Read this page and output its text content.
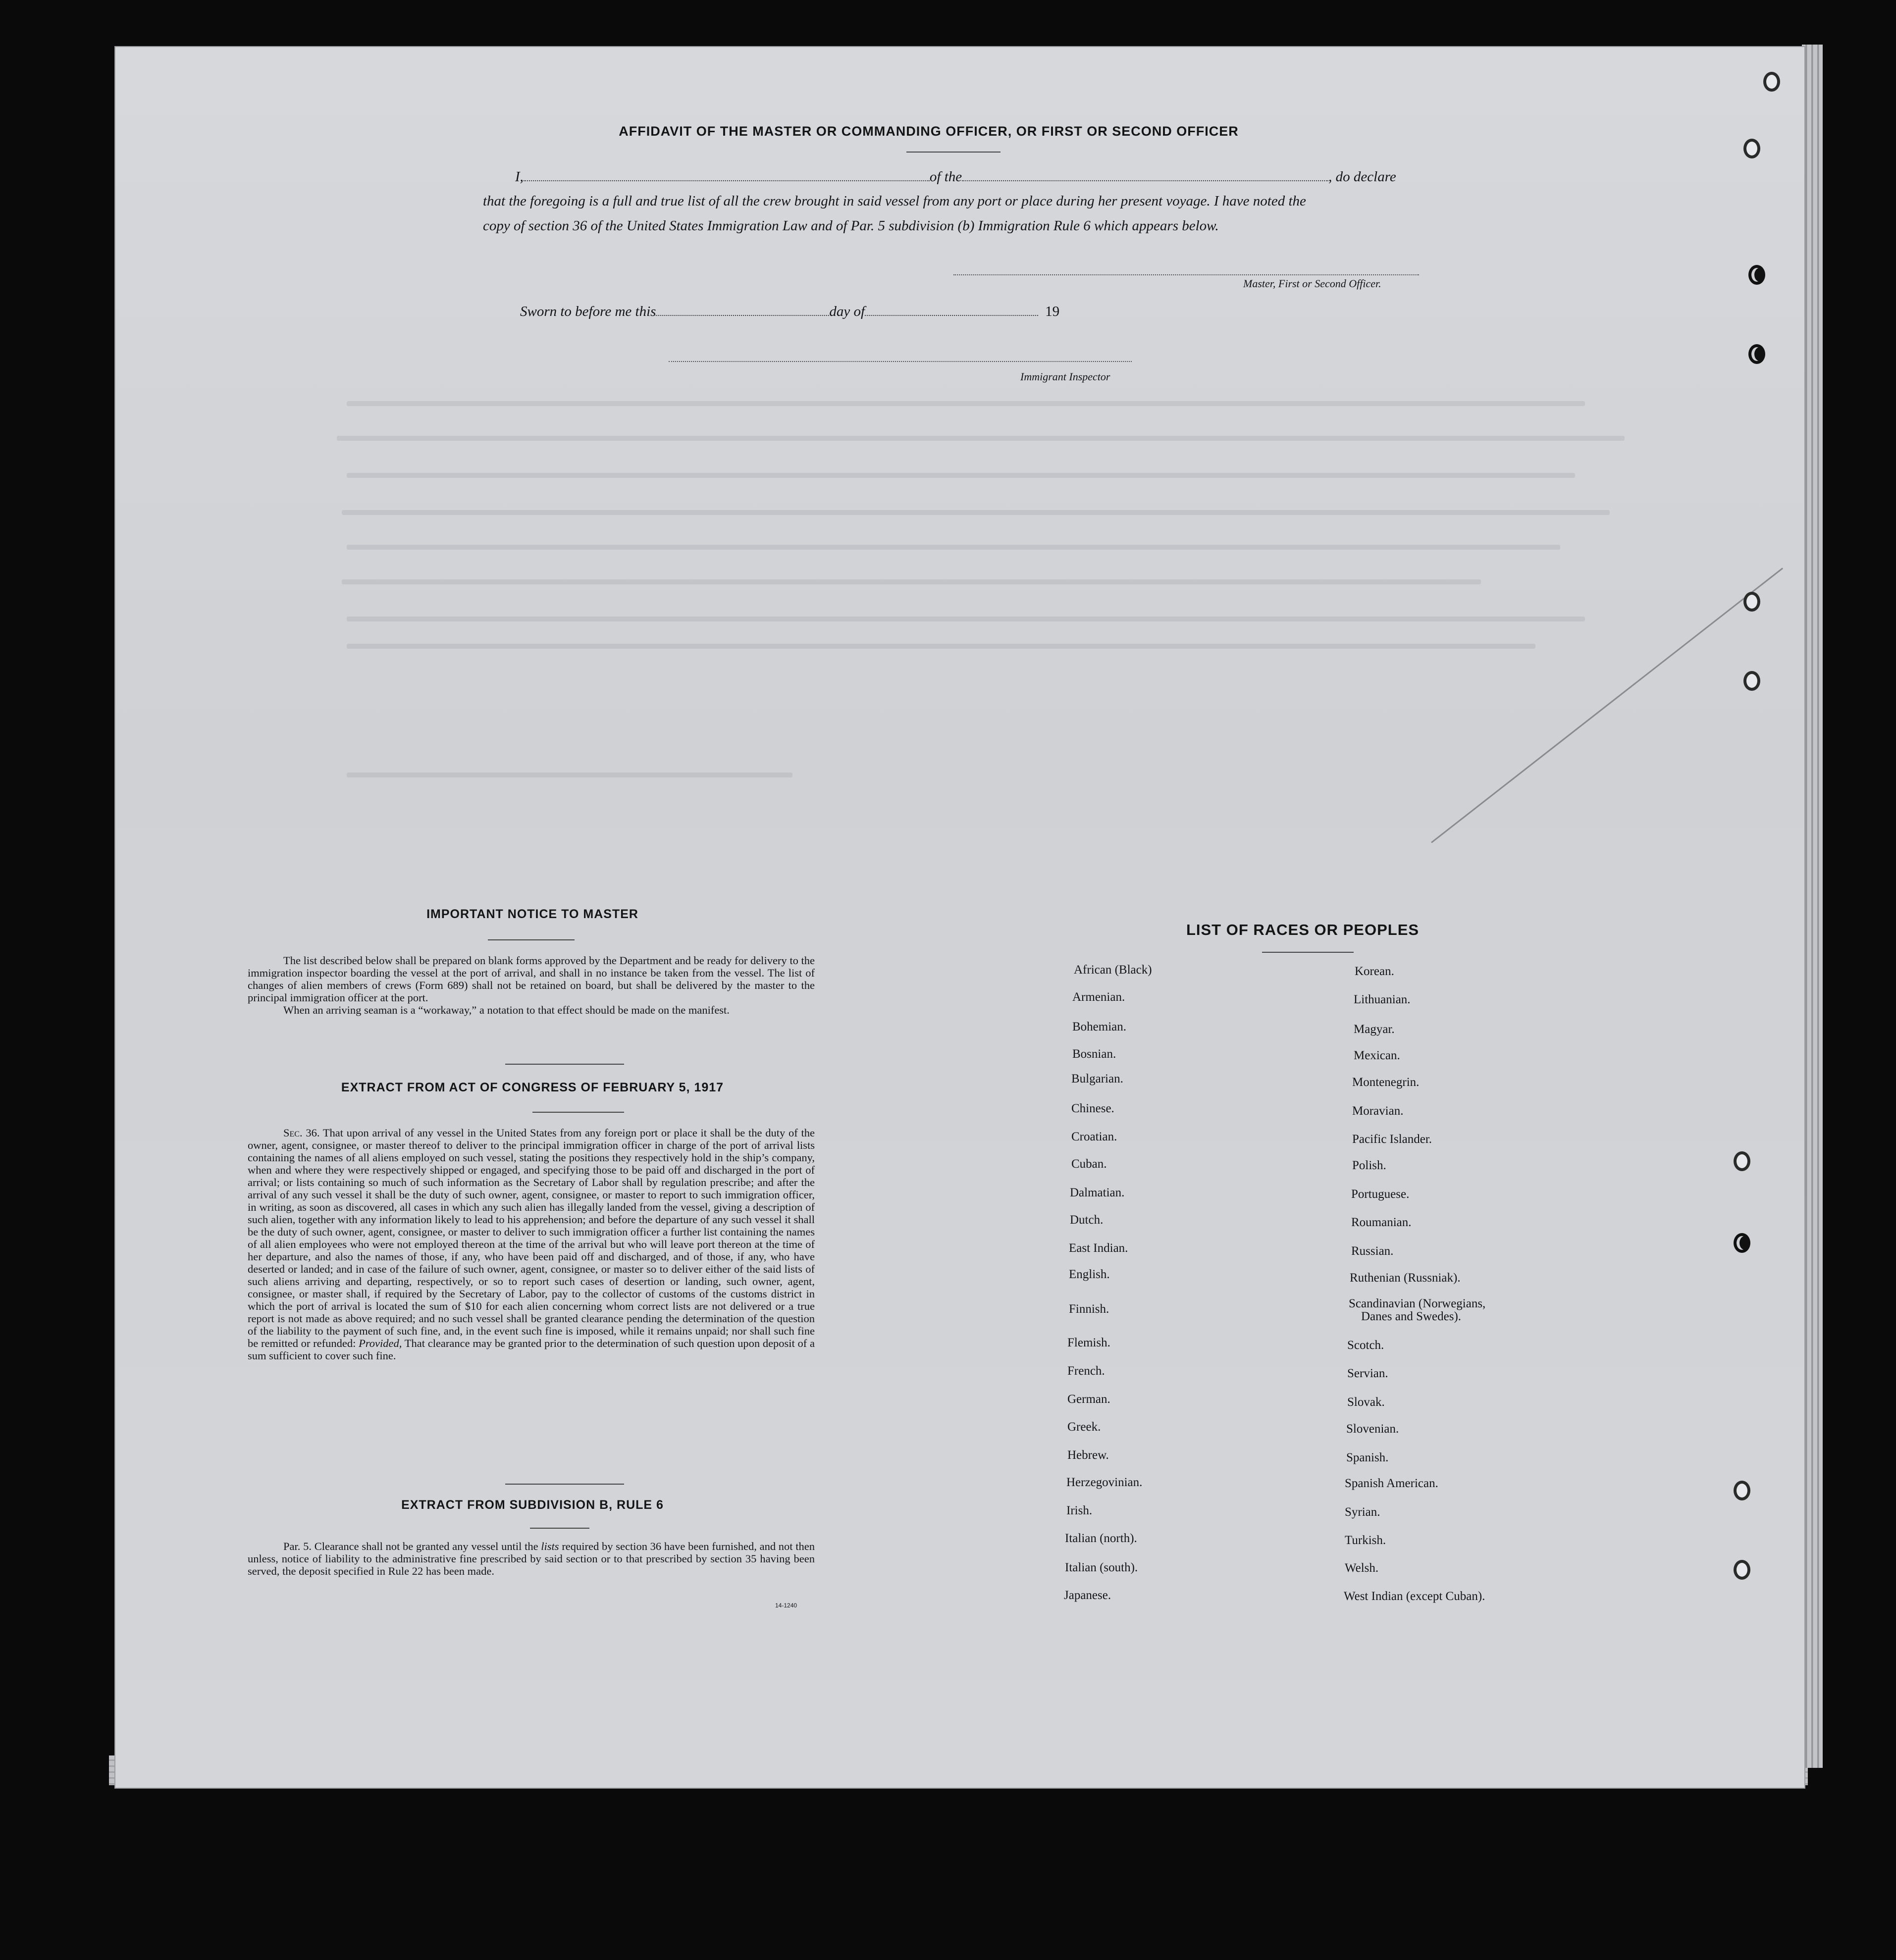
AFFIDAVIT OF THE MASTER OR COMMANDING OFFICER, OR FIRST OR SECOND OFFICER
I,	of the	, do declare
that the foregoing is a full and true list of all the crew brought in said vessel from any port or place during her present voyage. I have noted the
copy of section 36 of the United States Immigration Law and of Par. 5 subdivision (b) Immigration Rule 6 which appears below.
Master, First or Second Officer.
Sworn to before me this	day of	19
Immigrant Inspector
IMPORTANT NOTICE TO MASTER

The list described below shall be prepared on blank forms approved by the Department and be ready for delivery to the immigration inspector boarding the vessel at the port of arrival, and shall in no instance be taken from the vessel. The list of changes of alien members of crews (Form 689) shall not be retained on board, but shall be delivered by the master to the principal immigration officer at the port.

When an arriving seaman is a “workaway,” a notation to that effect should be made on the manifest.

EXTRACT FROM ACT OF CONGRESS OF FEBRUARY 5, 1917

Sec. 36. That upon arrival of any vessel in the United States from any foreign port or place it shall be the duty of the owner, agent, consignee, or master thereof to deliver to the principal immigration officer in charge of the port of arrival lists containing the names of all aliens employed on such vessel, stating the positions they respectively hold in the ship’s company, when and where they were respectively shipped or engaged, and specifying those to be paid off and discharged in the port of arrival; or lists containing so much of such information as the Secretary of Labor shall by regulation prescribe; and after the arrival of any such vessel it shall be the duty of such owner, agent, consignee, or master to report to such immigration officer, in writing, as soon as discovered, all cases in which any such alien has illegally landed from the vessel, giving a description of such alien, together with any information likely to lead to his apprehension; and before the departure of any such vessel it shall be the duty of such owner, agent, consignee, or master to deliver to such immigration officer a further list containing the names of all alien employees who were not employed thereon at the time of the arrival but who will leave port thereon at the time of her departure, and also the names of those, if any, who have been paid off and discharged, and of those, if any, who have deserted or landed; and in case of the failure of such owner, agent, consignee, or master so to deliver either of the said lists of such aliens arriving and departing, respectively, or so to report such cases of desertion or landing, such owner, agent, consignee, or master shall, if required by the Secretary of Labor, pay to the collector of customs of the customs district in which the port of arrival is located the sum of $10 for each alien concerning whom correct lists are not delivered or a true report is not made as above required; and no such vessel shall be granted clearance pending the determination of the question of the liability to the payment of such fine, and, in the event such fine is imposed, while it remains unpaid; nor shall such fine be remitted or refunded: Provided, That clearance may be granted prior to the determination of such question upon deposit of a sum sufficient to cover such fine.

EXTRACT FROM SUBDIVISION B, RULE 6

Par. 5. Clearance shall not be granted any vessel until the lists required by section 36 have been furnished, and not then unless, notice of liability to the administrative fine prescribed by said section or to that prescribed by section 35 having been served, the deposit specified in Rule 22 has been made.

14-1240
LIST OF RACES OR PEOPLES
African (Black)
Armenian.
Bohemian.
Bosnian.
Bulgarian.
Chinese.
Croatian.
Cuban.
Dalmatian.
Dutch.
East Indian.
English.
Finnish.
Flemish.
French.
German.
Greek.
Hebrew.
Herzegovinian.
Irish.
Italian (north).
Italian (south).
Japanese.
Korean.
Lithuanian.
Magyar.
Mexican.
Montenegrin.
Moravian.
Pacific Islander.
Polish.
Portuguese.
Roumanian.
Russian.
Ruthenian (Russniak).
Scandinavian (Norwegians,
Danes and Swedes).
Scotch.
Servian.
Slovak.
Slovenian.
Spanish.
Spanish American.
Syrian.
Turkish.
Welsh.
West Indian (except Cuban).
